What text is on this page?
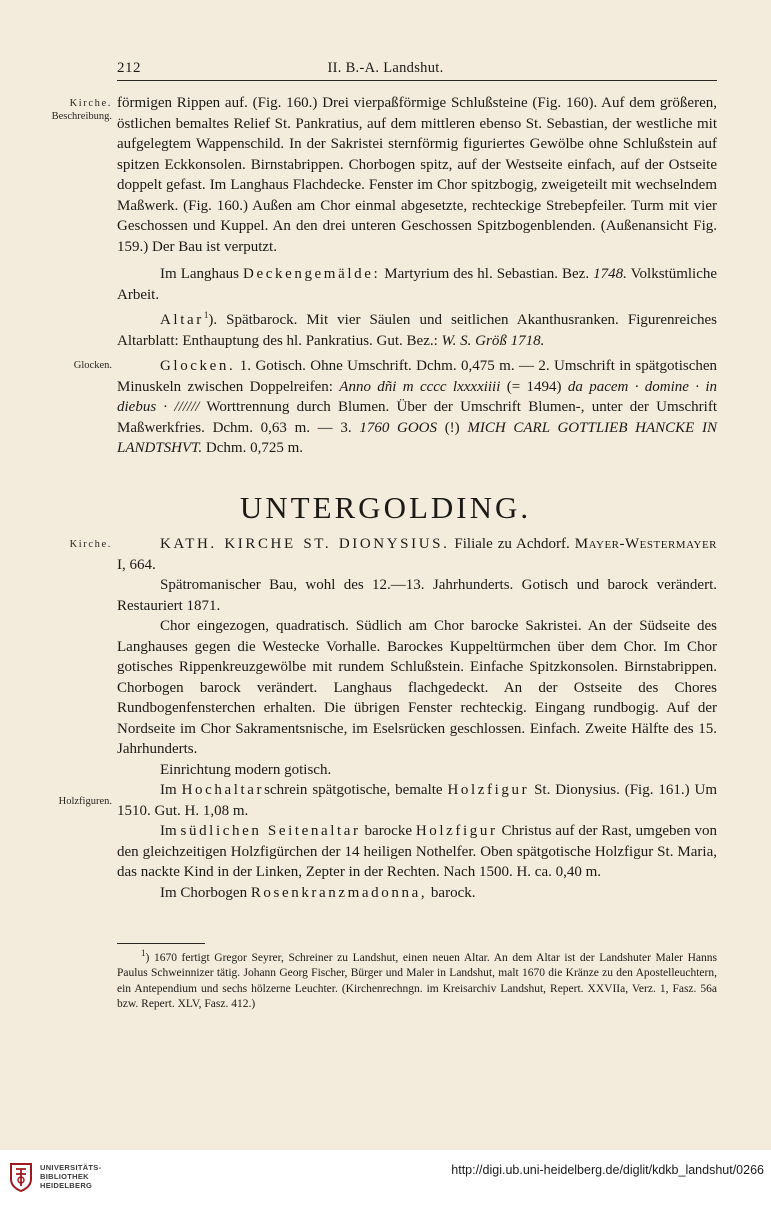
212	II. B.-A. Landshut.
Kirche.
Beschreibung.
Glocken.
Kirche.
Holzfiguren.

förmigen Rippen auf. (Fig. 160.) Drei vierpaßförmige Schlußsteine (Fig. 160). Auf dem größeren, östlichen bemaltes Relief St. Pankratius, auf dem mittleren ebenso St. Sebastian, der westliche mit aufgelegtem Wappenschild. In der Sakristei sternförmig figuriertes Gewölbe ohne Schlußstein auf spitzen Eckkonsolen. Birnstabrippen. Chorbogen spitz, auf der Westseite einfach, auf der Ostseite doppelt gefast. Im Langhaus Flachdecke. Fenster im Chor spitzbogig, zweigeteilt mit wechselndem Maßwerk. (Fig. 160.) Außen am Chor einmal abgesetzte, rechteckige Strebepfeiler. Turm mit vier Geschossen und Kuppel. An den drei unteren Geschossen Spitzbogenblenden. (Außenansicht Fig. 159.) Der Bau ist verputzt.

Im Langhaus Deckengemälde: Martyrium des hl. Sebastian. Bez. 1748. Volkstümliche Arbeit.

Altar$^1$). Spätbarock. Mit vier Säulen und seitlichen Akanthusranken. Figurenreiches Altarblatt: Enthauptung des hl. Pankratius. Gut. Bez.: W. S. Größ 1718.

Glocken. 1. Gotisch. Ohne Umschrift. Dchm. 0,475 m. — 2. Umschrift in spätgotischen Minuskeln zwischen Doppelreifen: Anno dñi m cccc lxxxxiiii (= 1494) da pacem · domine · in diebus · ////// Worttrennung durch Blumen. Über der Umschrift Blumen-, unter der Umschrift Maßwerkfries. Dchm. 0,63 m. — 3. 1760 GOOS (!) MICH CARL GOTTLIEB HANCKE IN LANDTSHVT. Dchm. 0,725 m.

UNTERGOLDING.

KATH. KIRCHE ST. DIONYSIUS. Filiale zu Achdorf. Mayer-Westermayer I, 664.

Spätromanischer Bau, wohl des 12.—13. Jahrhunderts. Gotisch und barock verändert. Restauriert 1871.

Chor eingezogen, quadratisch. Südlich am Chor barocke Sakristei. An der Südseite des Langhauses gegen die Westecke Vorhalle. Barockes Kuppeltürmchen über dem Chor. Im Chor gotisches Rippenkreuzgewölbe mit rundem Schlußstein. Einfache Spitzkonsolen. Birnstabrippen. Chorbogen barock verändert. Langhaus flachgedeckt. An der Ostseite des Chores Rundbogenfensterchen erhalten. Die übrigen Fenster rechteckig. Eingang rundbogig. Auf der Nordseite im Chor Sakramentsnische, im Eselsrücken geschlossen. Einfach. Zweite Hälfte des 15. Jahrhunderts.

Einrichtung modern gotisch.

Im Hochaltarschrein spätgotische, bemalte Holzfigur St. Dionysius. (Fig. 161.) Um 1510. Gut. H. 1,08 m.

Im südlichen Seitenaltar barocke Holzfigur Christus auf der Rast, umgeben von den gleichzeitigen Holzfigürchen der 14 heiligen Nothelfer. Oben spätgotische Holzfigur St. Maria, das nackte Kind in der Linken, Zepter in der Rechten. Nach 1500. H. ca. 0,40 m.

Im Chorbogen Rosenkranzmadonna, barock.

$^1$) 1670 fertigt Gregor Seyrer, Schreiner zu Landshut, einen neuen Altar. An dem Altar ist der Landshuter Maler Hanns Paulus Schweinnizer tätig. Johann Georg Fischer, Bürger und Maler in Landshut, malt 1670 die Kränze zu den Apostelleuchtern, ein Antependium und sechs hölzerne Leuchter. (Kirchenrechngn. im Kreisarchiv Landshut, Repert. XXVIIa, Verz. 1, Fasz. 56a bzw. Repert. XLV, Fasz. 412.)

UNIVERSITÄTS-
BIBLIOTHEK
HEIDELBERG
http://digi.ub.uni-heidelberg.de/diglit/kdkb_landshut/0266
